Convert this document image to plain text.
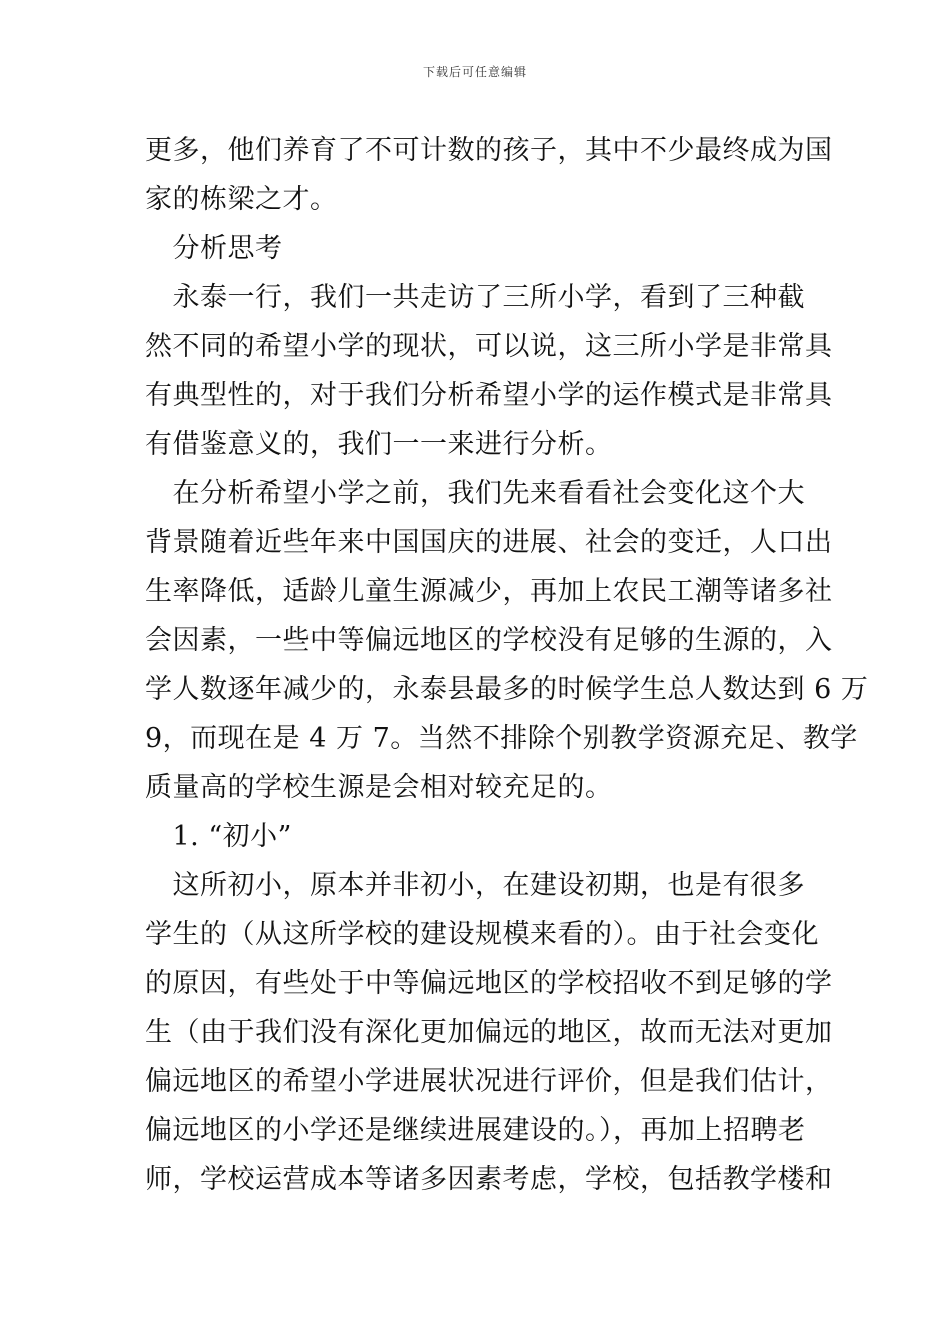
下载后可任意编辑
更多，他们养育了不可计数的孩子，其中不少最终成为国
家的栋梁之才。
　分析思考
　永泰一行，我们一共走访了三所小学，看到了三种截
然不同的希望小学的现状，可以说，这三所小学是非常具
有典型性的，对于我们分析希望小学的运作模式是非常具
有借鉴意义的，我们一一来进行分析。
　在分析希望小学之前，我们先来看看社会变化这个大
背景随着近些年来中国国庆的进展、社会的变迁，人口出
生率降低，适龄儿童生源减少，再加上农民工潮等诸多社
会因素，一些中等偏远地区的学校没有足够的生源的，入
学人数逐年减少的，永泰县最多的时候学生总人数达到 6 万
9，而现在是 4 万 7。当然不排除个别教学资源充足、教学
质量高的学校生源是会相对较充足的。
　1. “初小”
　这所初小，原本并非初小，在建设初期，也是有很多
学生的（从这所学校的建设规模来看的）。由于社会变化
的原因，有些处于中等偏远地区的学校招收不到足够的学
生（由于我们没有深化更加偏远的地区，故而无法对更加
偏远地区的希望小学进展状况进行评价，但是我们估计，
偏远地区的小学还是继续进展建设的。），再加上招聘老
师，学校运营成本等诸多因素考虑，学校，包括教学楼和
